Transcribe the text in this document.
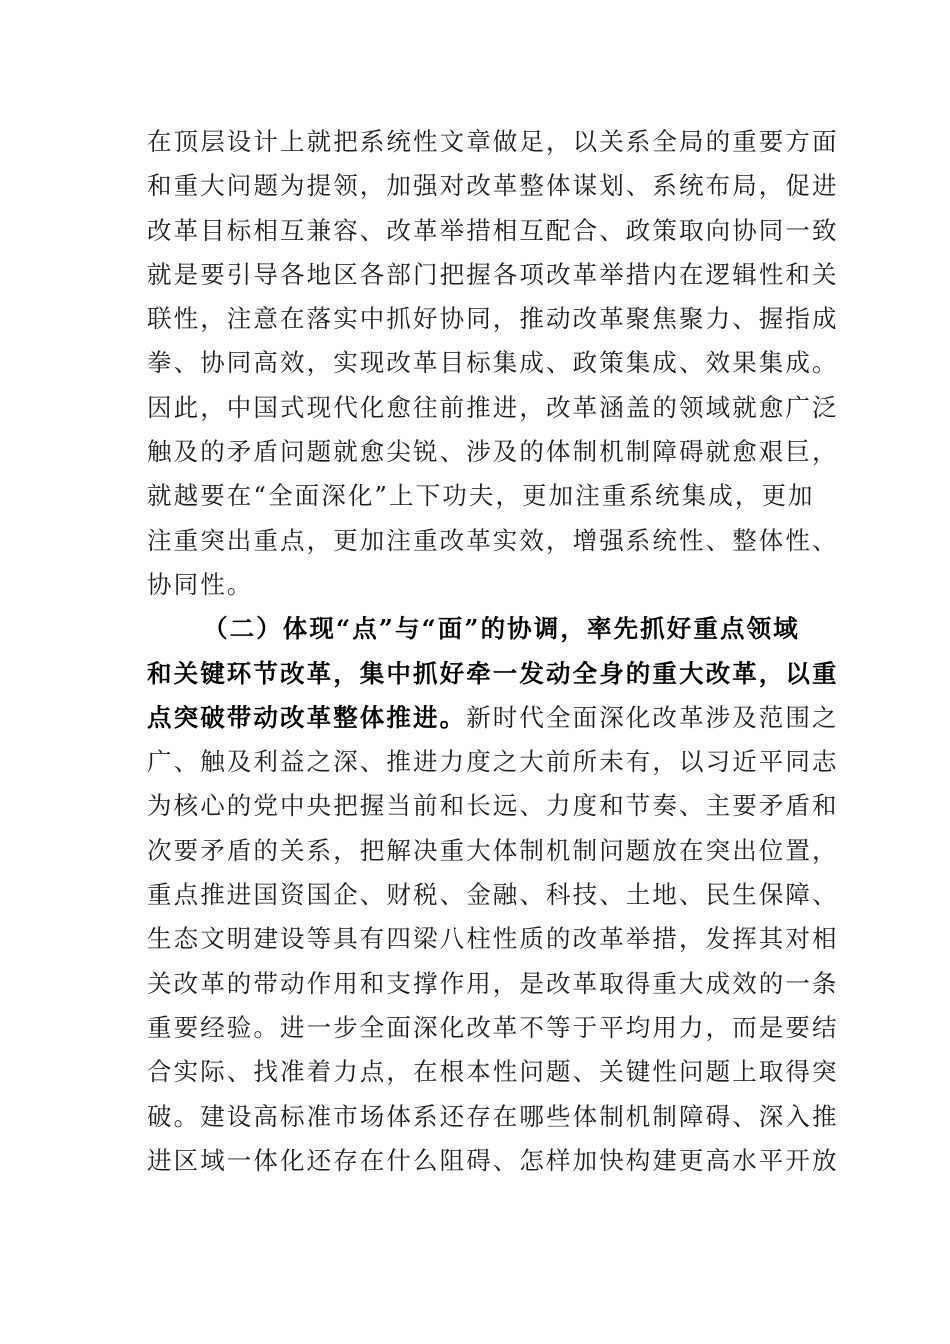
在顶层设计上就把系统性文章做足，以关系全局的重要方面
和重大问题为提领，加强对改革整体谋划、系统布局，促进
改革目标相互兼容、改革举措相互配合、政策取向协同一致
就是要引导各地区各部门把握各项改革举措内在逻辑性和关
联性，注意在落实中抓好协同，推动改革聚焦聚力、握指成
拳、协同高效，实现改革目标集成、政策集成、效果集成。
因此，中国式现代化愈往前推进，改革涵盖的领域就愈广泛
触及的矛盾问题就愈尖锐、涉及的体制机制障碍就愈艰巨，
就越要在“全面深化”上下功夫，更加注重系统集成，更加
注重突出重点，更加注重改革实效，增强系统性、整体性、
协同性。
（二）体现“点”与“面”的协调，率先抓好重点领域
和关键环节改革，集中抓好牵一发动全身的重大改革，以重
点突破带动改革整体推进。新时代全面深化改革涉及范围之
广、触及利益之深、推进力度之大前所未有，以习近平同志
为核心的党中央把握当前和长远、力度和节奏、主要矛盾和
次要矛盾的关系，把解决重大体制机制问题放在突出位置，
重点推进国资国企、财税、金融、科技、土地、民生保障、
生态文明建设等具有四梁八柱性质的改革举措，发挥其对相
关改革的带动作用和支撑作用，是改革取得重大成效的一条
重要经验。进一步全面深化改革不等于平均用力，而是要结
合实际、找准着力点，在根本性问题、关键性问题上取得突
破。建设高标准市场体系还存在哪些体制机制障碍、深入推
进区域一体化还存在什么阻碍、怎样加快构建更高水平开放
